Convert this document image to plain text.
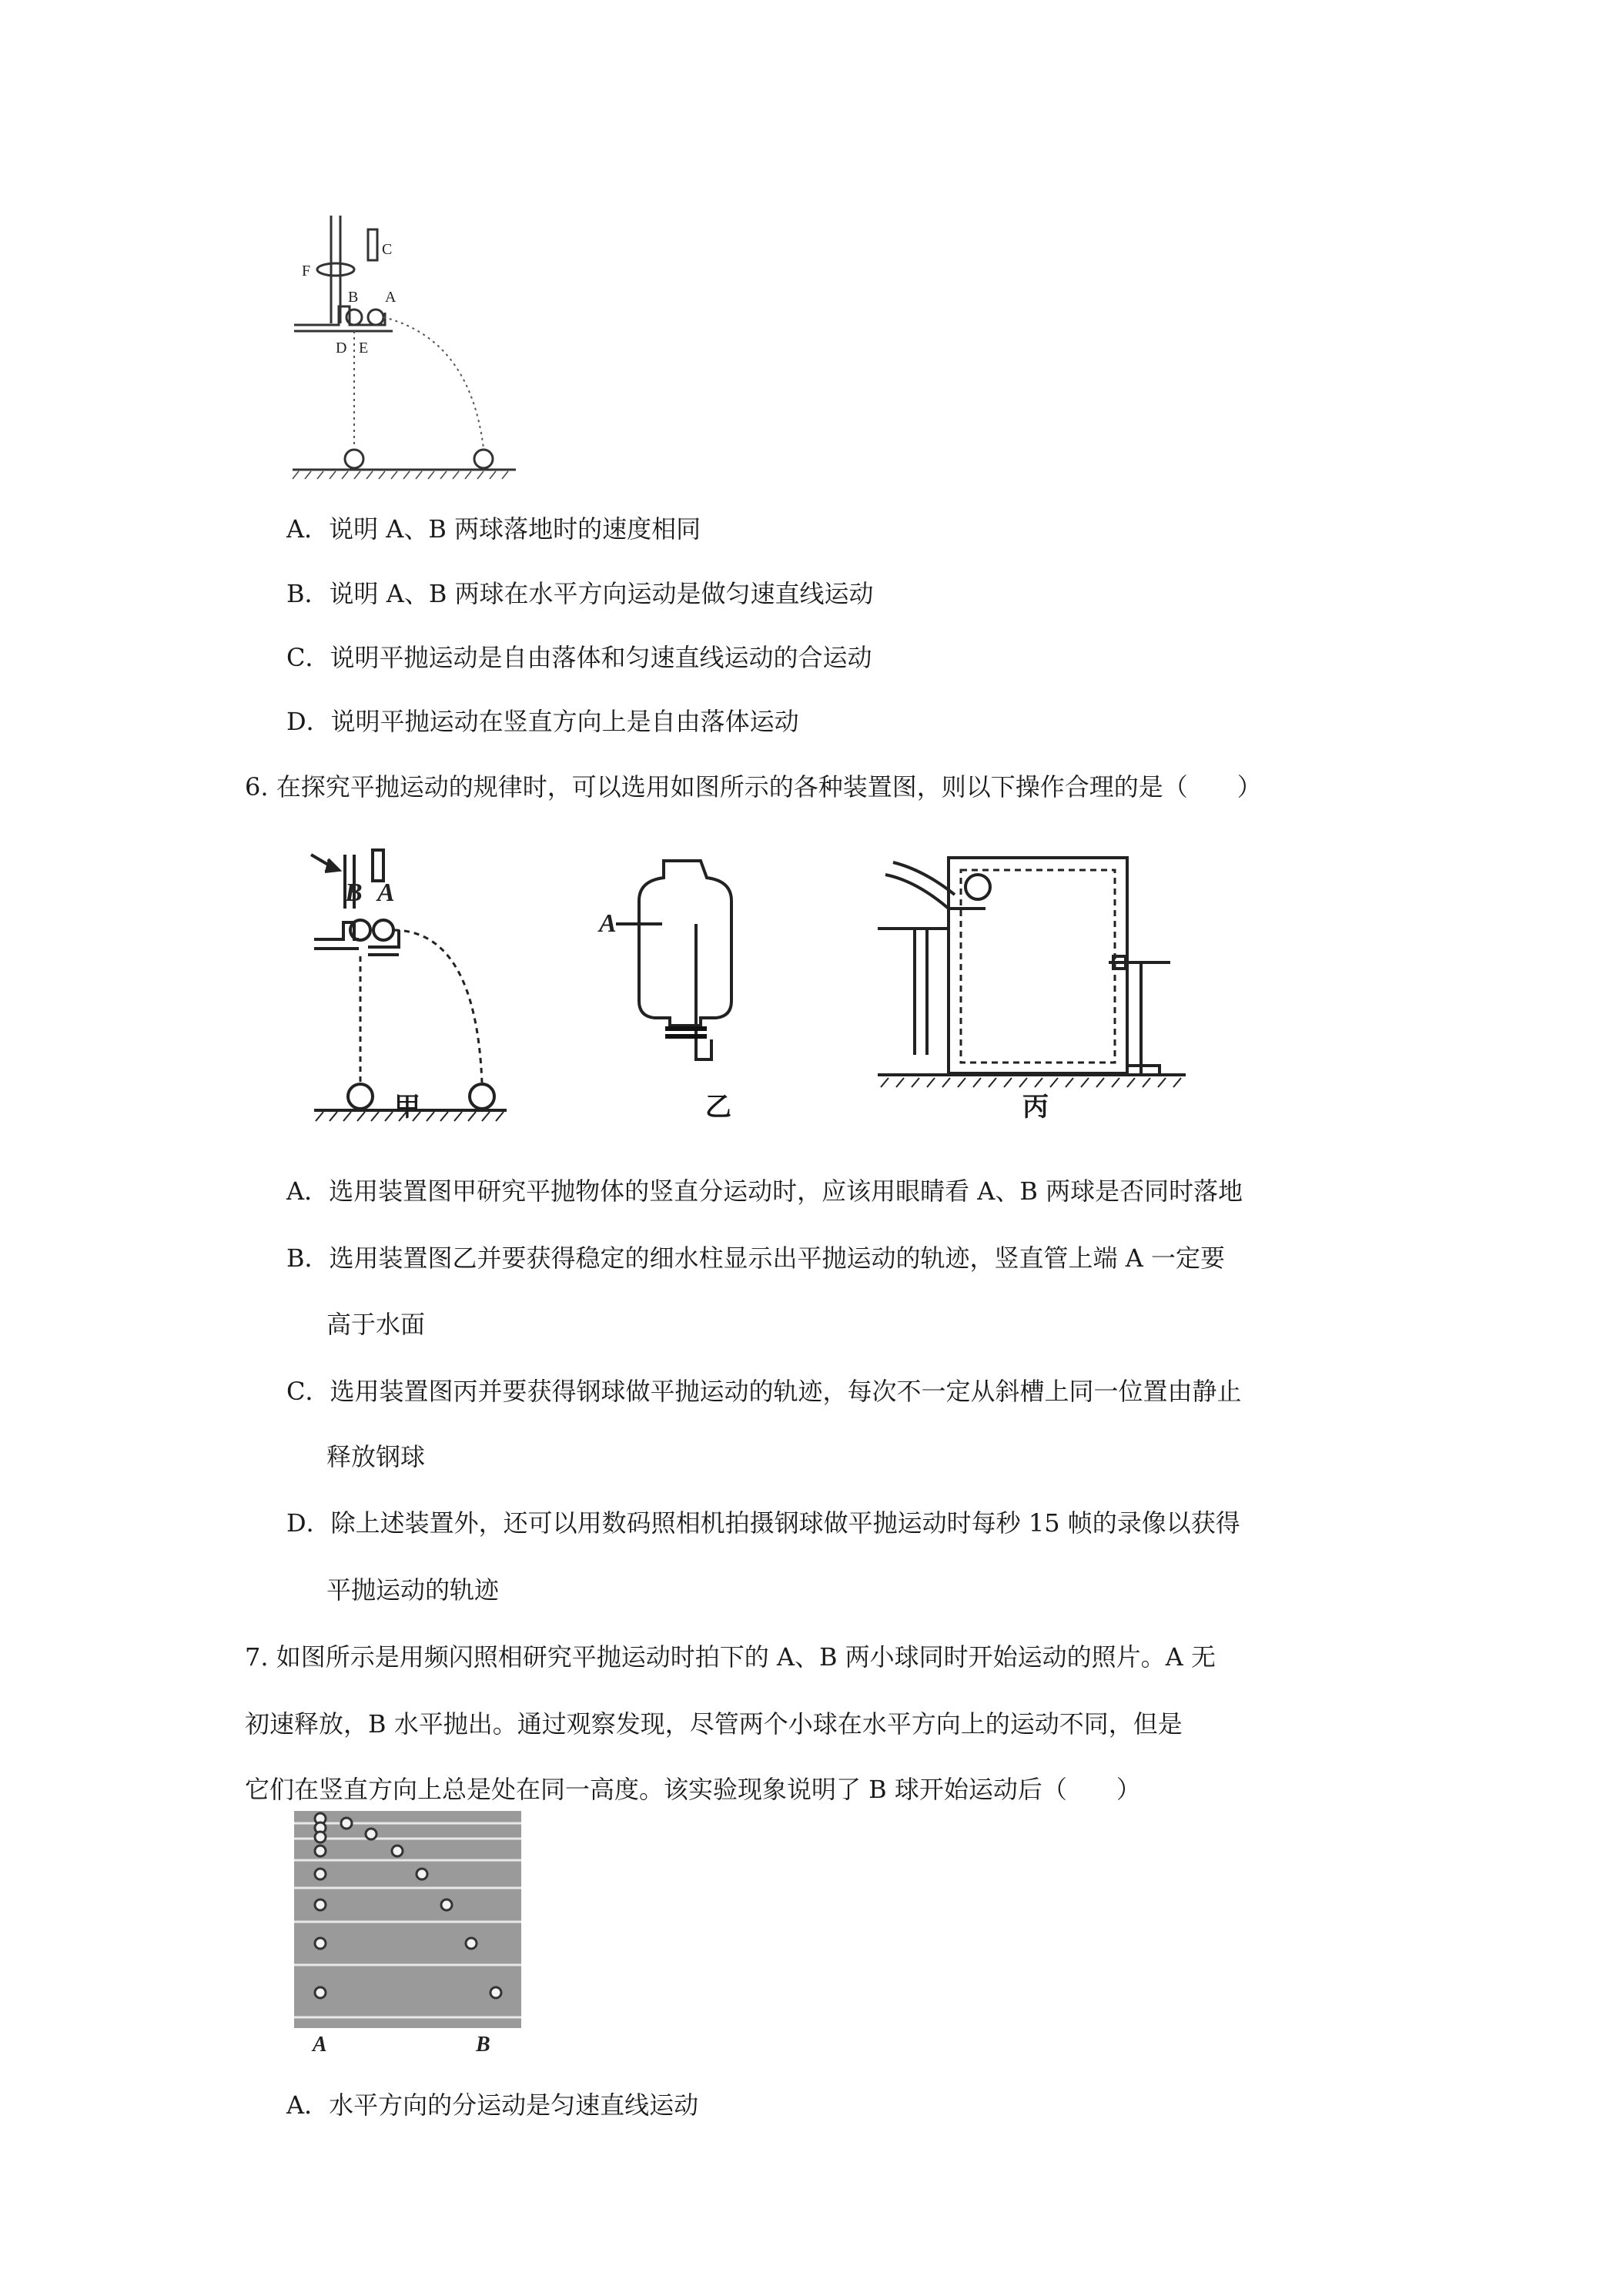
F
C
B A
D E
A．说明 A、B 两球落地时的速度相同
B．说明 A、B 两球在水平方向运动是做匀速直线运动
C．说明平抛运动是自由落体和匀速直线运动的合运动
D．说明平抛运动在竖直方向上是自由落体运动
6. 在探究平抛运动的规律时，可以选用如图所示的各种装置图，则以下操作合理的是（　　）
B A
甲
A
乙	丙
A．选用装置图甲研究平抛物体的竖直分运动时，应该用眼睛看 A、B 两球是否同时落地
B．选用装置图乙并要获得稳定的细水柱显示出平抛运动的轨迹，竖直管上端 A 一定要
高于水面
C．选用装置图丙并要获得钢球做平抛运动的轨迹，每次不一定从斜槽上同一位置由静止
释放钢球
D．除上述装置外，还可以用数码照相机拍摄钢球做平抛运动时每秒 15 帧的录像以获得
平抛运动的轨迹
7. 如图所示是用频闪照相研究平抛运动时拍下的 A、B 两小球同时开始运动的照片。A 无
初速释放，B 水平抛出。通过观察发现，尽管两个小球在水平方向上的运动不同，但是
它们在竖直方向上总是处在同一高度。该实验现象说明了 B 球开始运动后（　　）
A	B
A．水平方向的分运动是匀速直线运动
